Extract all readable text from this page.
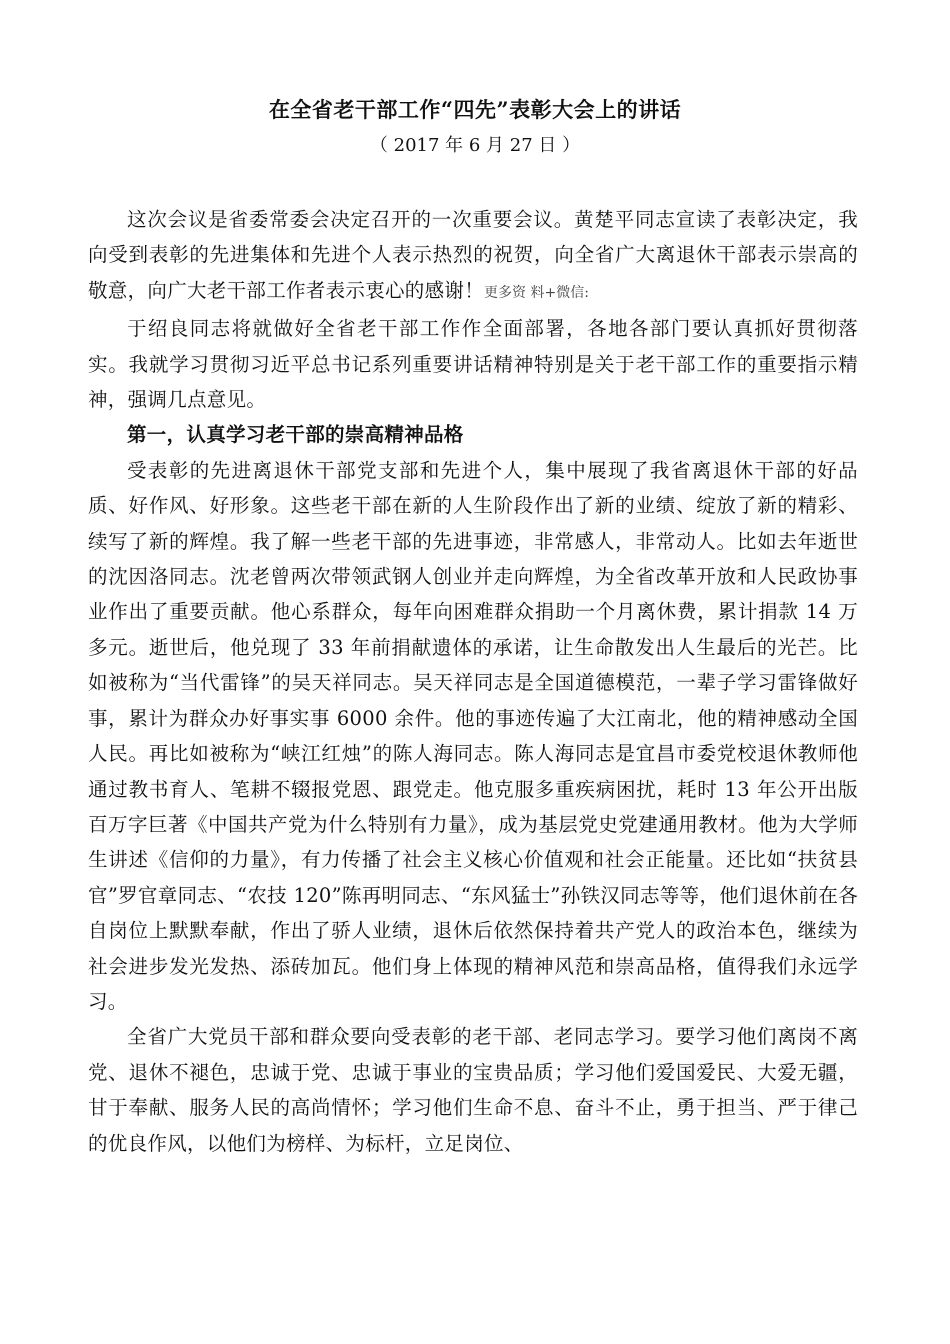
在全省老干部工作“四先”表彰大会上的讲话
（ 2017 年 6 月 27 日 ）

这次会议是省委常委会决定召开的一次重要会议。黄楚平同志宣读了表彰决定，我向受到表彰的先进集体和先进个人表示热烈的祝贺，向全省广大离退休干部表示崇高的敬意，向广大老干部工作者表示衷心的感谢！更多资 料+微信:

于绍良同志将就做好全省老干部工作作全面部署，各地各部门要认真抓好贯彻落实。我就学习贯彻习近平总书记系列重要讲话精神特别是关于老干部工作的重要指示精神，强调几点意见。

第一，认真学习老干部的崇高精神品格

受表彰的先进离退休干部党支部和先进个人，集中展现了我省离退休干部的好品质、好作风、好形象。这些老干部在新的人生阶段作出了新的业绩、绽放了新的精彩、续写了新的辉煌。我了解一些老干部的先进事迹，非常感人，非常动人。比如去年逝世的沈因洛同志。沈老曾两次带领武钢人创业并走向辉煌，为全省改革开放和人民政协事业作出了重要贡献。他心系群众，每年向困难群众捐助一个月离休费，累计捐款 14 万多元。逝世后，他兑现了 33 年前捐献遗体的承诺，让生命散发出人生最后的光芒。比如被称为“当代雷锋”的吴天祥同志。吴天祥同志是全国道德模范，一辈子学习雷锋做好事，累计为群众办好事实事 6000 余件。他的事迹传遍了大江南北，他的精神感动全国人民。再比如被称为“峡江红烛”的陈人海同志。陈人海同志是宜昌市委党校退休教师他通过教书育人、笔耕不辍报党恩、跟党走。他克服多重疾病困扰，耗时 13 年公开出版百万字巨著《中国共产党为什么特别有力量》，成为基层党史党建通用教材。他为大学师生讲述《信仰的力量》，有力传播了社会主义核心价值观和社会正能量。还比如“扶贫县官”罗官章同志、“农技 120”陈再明同志、“东风猛士”孙铁汉同志等等，他们退休前在各自岗位上默默奉献，作出了骄人业绩，退休后依然保持着共产党人的政治本色，继续为社会进步发光发热、添砖加瓦。他们身上体现的精神风范和崇高品格，值得我们永远学习。

全省广大党员干部和群众要向受表彰的老干部、老同志学习。要学习他们离岗不离党、退休不褪色，忠诚于党、忠诚于事业的宝贵品质；学习他们爱国爱民、大爱无疆，甘于奉献、服务人民的高尚情怀；学习他们生命不息、奋斗不止，勇于担当、严于律己的优良作风，以他们为榜样、为标杆，立足岗位、
